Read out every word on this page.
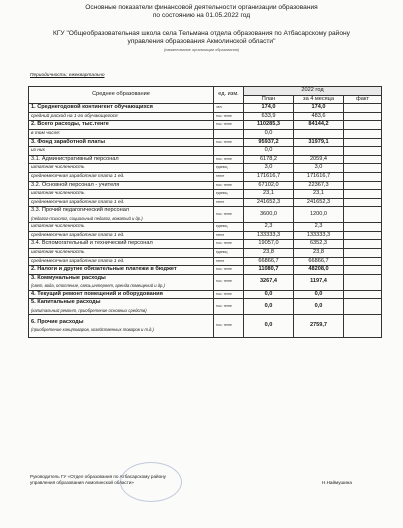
Основные показатели финансовой деятельности организации образования
по состоянию на 01.05.2022 год
КГУ "Общеобразовательная школа села Тельмана отдела образования по Атбасарскому району
управления образования Акмолинской области"
(наименование организации образования)
Периодичность: ежеквартально
Среднее образование	ед. изм.	2022 год		
		План	за 4 месяца	факт

1. Среднегодовой контингент обучающихся	чел.	174,0	174,0	

средний расход на 1-го обучающегося	тыс. тенге	633,9	483,6	

2. Всего расходы, тыс.тенге	тыс. тенге	110285,3	84144,2	

в том числе:		0,0		

3. Фонд заработной платы	тыс. тенге	95937,2	31979,1	

из них		0,0		

3.1. Административный персонал	тыс. тенге	6178,2	2059,4	

штатная численность	единиц	3,0	3,0	

среднемесячная заработная плата 1 ед.	тенге	171616,7	171616,7	

3.2. Основной персонал - учителя	тыс. тенге	67102,0	22367,3	

штатная численность	единиц	23,1	23,1	

среднемесячная заработная плата 1 ед.	тенге	241652,3	241652,3	

3.3. Прочий педагогический персонал
(педагог-психолог, социальный педагог, вожатый и др.)	тыс. тенге	3600,0	1200,0	

штатная численность	единиц	2,3	2,3	

среднемесячная заработная плата 1 ед.	тенге	133333,3	133333,3	

3.4. Вспомогательный и технический персонал	тыс. тенге	19057,0	6352,3	

штатная численность	единиц	23,8	23,8	

среднемесячная заработная плата 1 ед.	тенге	66866,7	66866,7	

2. Налоги и другие обязательные платежи в бюджет	тыс. тенге	11080,7	48208,0	

3. Коммунальные расходы
(свет, вода, отопление, связь,интернет, аренда помещений и др.)	тыс. тенге	3267,4	1197,4	

4. Текущий ремонт помещений и оборудования	тыс. тенге	0,0	0,0	

5. Капитальные расходы
(капитальный ремонт, приобретение основных средств)	тыс. тенге	0,0	0,0	

6. Прочие расходы
(приобретение канцтоваров, хозяйственных товаров и т.д.)	тыс. тенге	0,0	2759,7	
Руководитель ГУ «Отдел образования по Атбасарскому району
управления образования Акмолинской области»	Н.Наймушина
